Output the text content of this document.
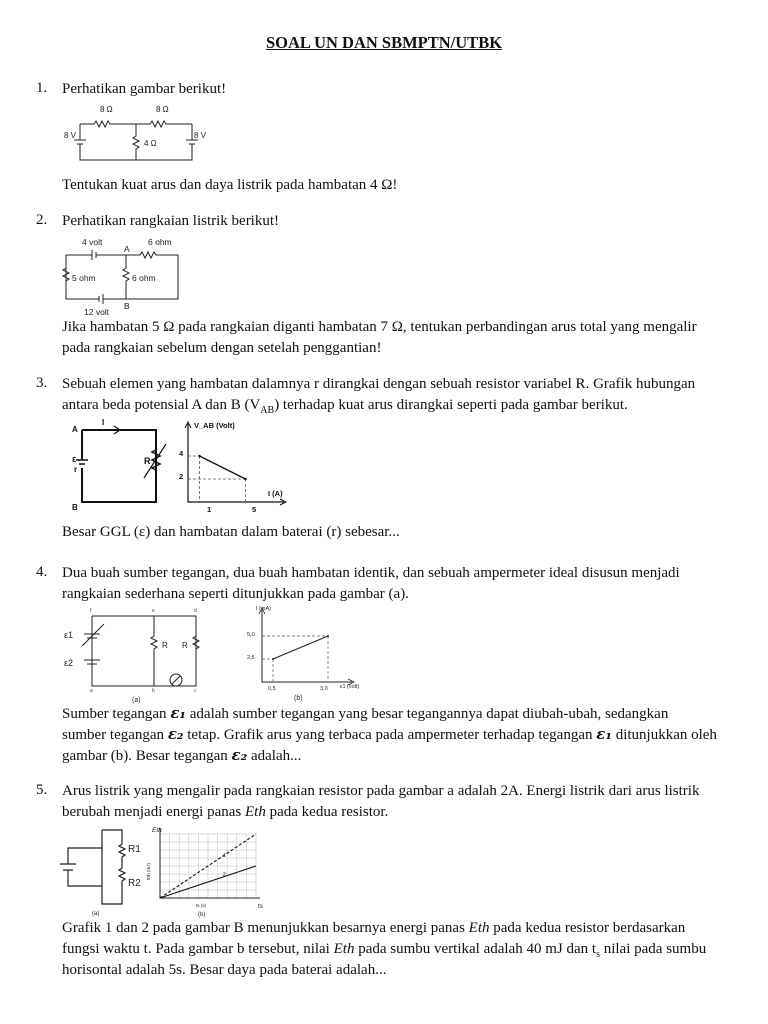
SOAL UN DAN SBMPTN/UTBK
1. Perhatikan gambar berikut!
8 Ω	8 Ω
4 Ω
8 V	8 V
Tentukan kuat arus dan daya listrik pada hambatan 4 Ω!
2. Perhatikan rangkaian listrik berikut!
4 volt
A
6 ohm
5 ohm	6 ohm
B
12 volt
Jika hambatan 5 Ω pada rangkaian diganti hambatan 7 Ω, tentukan perbandingan arus total yang mengalir
pada rangkaian sebelum dengan setelah penggantian!
3. Sebuah elemen yang hambatan dalamnya r dirangkai dengan sebuah resistor variabel R. Grafik hubungan
antara beda potensial A dan B $(V_{AB})$ terhadap kuat arus dirangkai seperti pada gambar berikut.
A
I
ε
r
R
B
V_AB (Volt)
I (A)
4
2
1	5
Besar GGL (ε) dan hambatan dalam baterai (r) sebesar...
4. Dua buah sumber tegangan, dua buah hambatan identik, dan sebuah ampermeter ideal disusun menjadi
rangkaian sederhana seperti ditunjukkan pada gambar (a).
ε1
ε2
R R
f	e	d
a	b	c
(a)
I (mA)
ε1 (volt)
5,0
2,5
0,5	3,0
(b)
Sumber tegangan ε₁ adalah sumber tegangan yang besar tegangannya dapat diubah-ubah, sedangkan
sumber tegangan ε₂ tetap. Grafik arus yang terbaca pada ampermeter terhadap tegangan ε₁ ditunjukkan oleh
gambar (b). Besar tegangan ε₂ adalah...
5. Arus listrik yang mengalir pada rangkaian resistor pada gambar a adalah 2A. Energi listrik dari arus listrik
berubah menjadi energi panas Eth pada kedua resistor.
R1
R2
(a)
Eth
Eth (mJ)
ts
ts (s)
1
2
(b)
Grafik 1 dan 2 pada gambar B menunjukkan besarnya energi panas Eth pada kedua resistor berdasarkan
fungsi waktu t. Pada gambar b tersebut, nilai Eth pada sumbu vertikal adalah 40 mJ dan $t_s$ nilai pada sumbu
horisontal adalah 5s. Besar daya pada baterai adalah...
